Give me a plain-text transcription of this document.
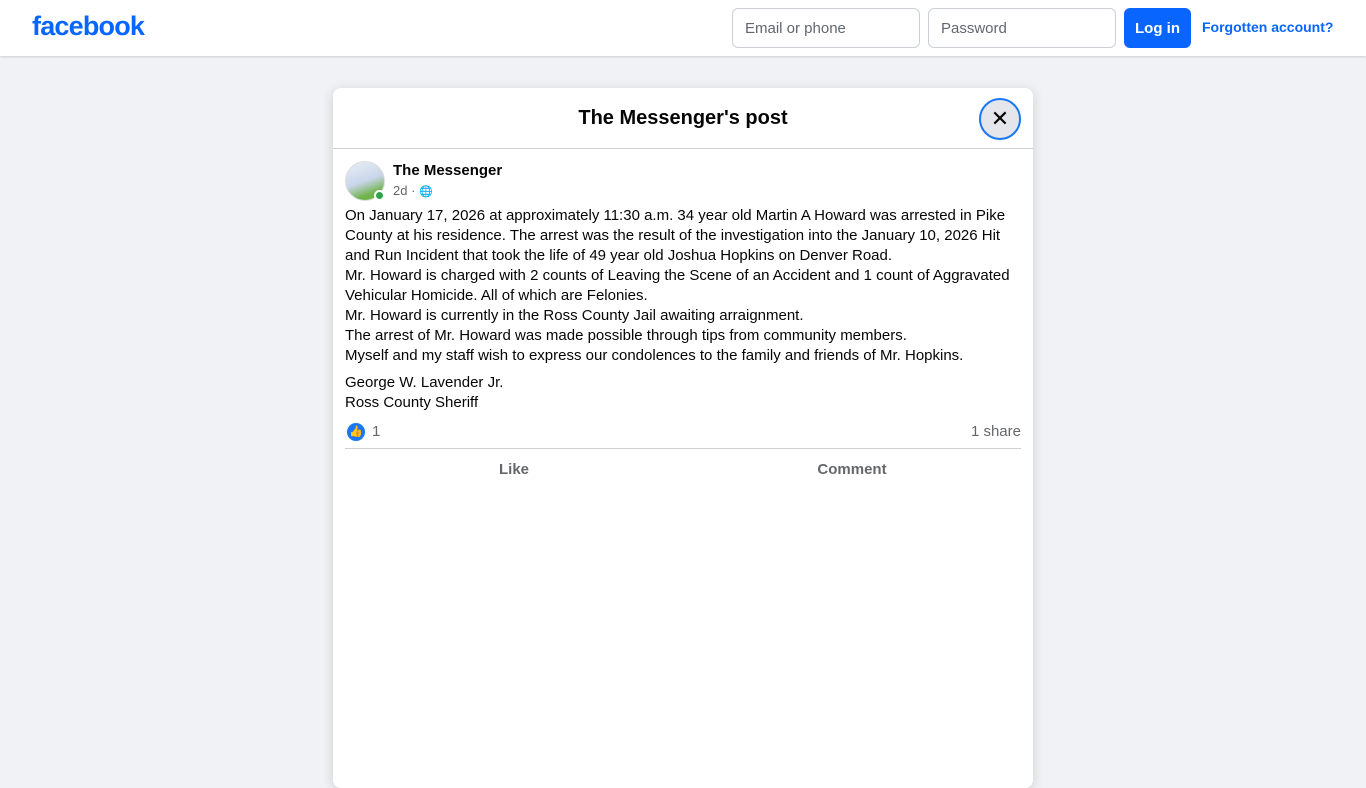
facebook
Email or phone	Log in	Forgotten account?
The Messenger's post	✕
The Messenger
2d · 🌐

On January 17, 2026 at approximately 11:30 a.m. 34 year old Martin A Howard was arrested in Pike County at his residence. The arrest was the result of the investigation into the January 10, 2026 Hit and Run Incident that took the life of 49 year old Joshua Hopkins on Denver Road.

Mr. Howard is charged with 2 counts of Leaving the Scene of an Accident and 1 count of Aggravated Vehicular Homicide. All of which are Felonies.

Mr. Howard is currently in the Ross County Jail awaiting arraignment.

The arrest of Mr. Howard was made possible through tips from community members.

Myself and my staff wish to express our condolences to the family and friends of Mr. Hopkins.

George W. Lavender Jr.

Ross County Sheriff

👍 1	1 share
Like	Comment
